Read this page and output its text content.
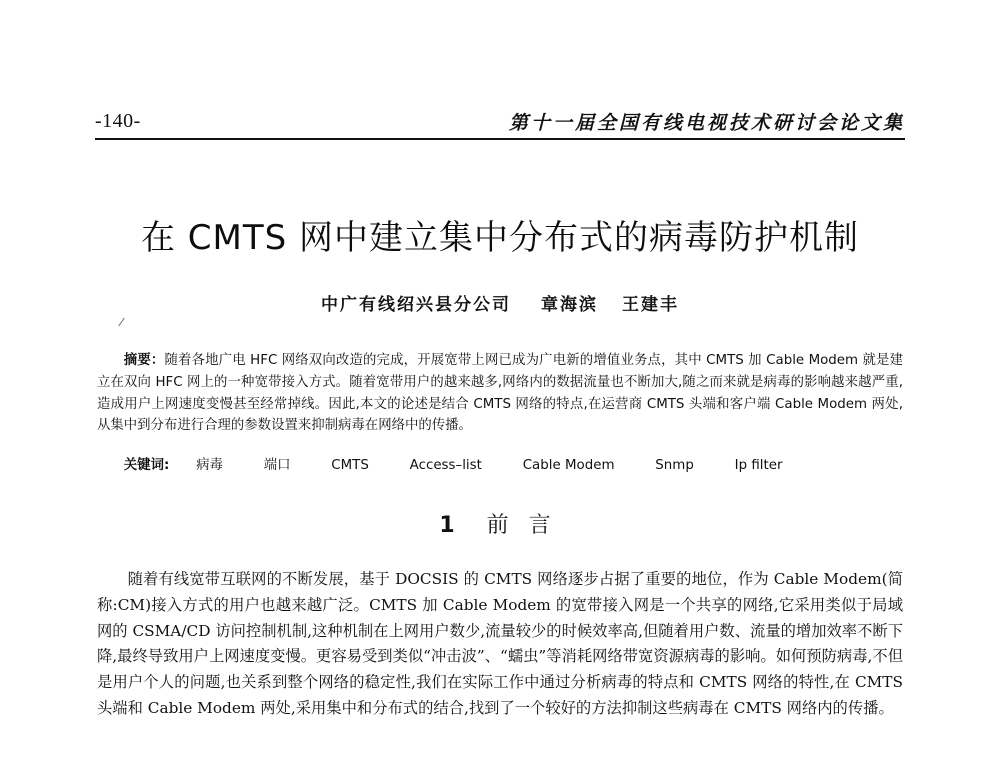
-140-	第十一届全国有线电视技术研讨会论文集
在 CMTS 网中建立集中分布式的病毒防护机制
中广有线绍兴县分公司 章海滨 王建丰

摘要：随着各地广电 HFC 网络双向改造的完成，开展宽带上网已成为广电新的增值业务点，其中 CMTS 加 Cable Modem 就是建立在双向 HFC 网上的一种宽带接入方式。随着宽带用户的越来越多,网络内的数据流量也不断加大,随之而来就是病毒的影响越来越严重,造成用户上网速度变慢甚至经常掉线。因此,本文的论述是结合 CMTS 网络的特点,在运营商 CMTS 头端和客户端 Cable Modem 两处,从集中到分布进行合理的参数设置来抑制病毒在网络中的传播。

关键词: 病毒	端口	CMTS	Access–list	Cable Modem	Snmp	Ip filter

1 前 言

随着有线宽带互联网的不断发展，基于 DOCSIS 的 CMTS 网络逐步占据了重要的地位，作为 Cable Modem(简称:CM)接入方式的用户也越来越广泛。CMTS 加 Cable Modem 的宽带接入网是一个共享的网络,它采用类似于局域网的 CSMA/CD 访问控制机制,这种机制在上网用户数少,流量较少的时候效率高,但随着用户数、流量的增加效率不断下降,最终导致用户上网速度变慢。更容易受到类似“冲击波”、“蠕虫”等消耗网络带宽资源病毒的影响。如何预防病毒,不但是用户个人的问题,也关系到整个网络的稳定性,我们在实际工作中通过分析病毒的特点和 CMTS 网络的特性,在 CMTS 头端和 Cable Modem 两处,采用集中和分布式的结合,找到了一个较好的方法抑制这些病毒在 CMTS 网络内的传播。
